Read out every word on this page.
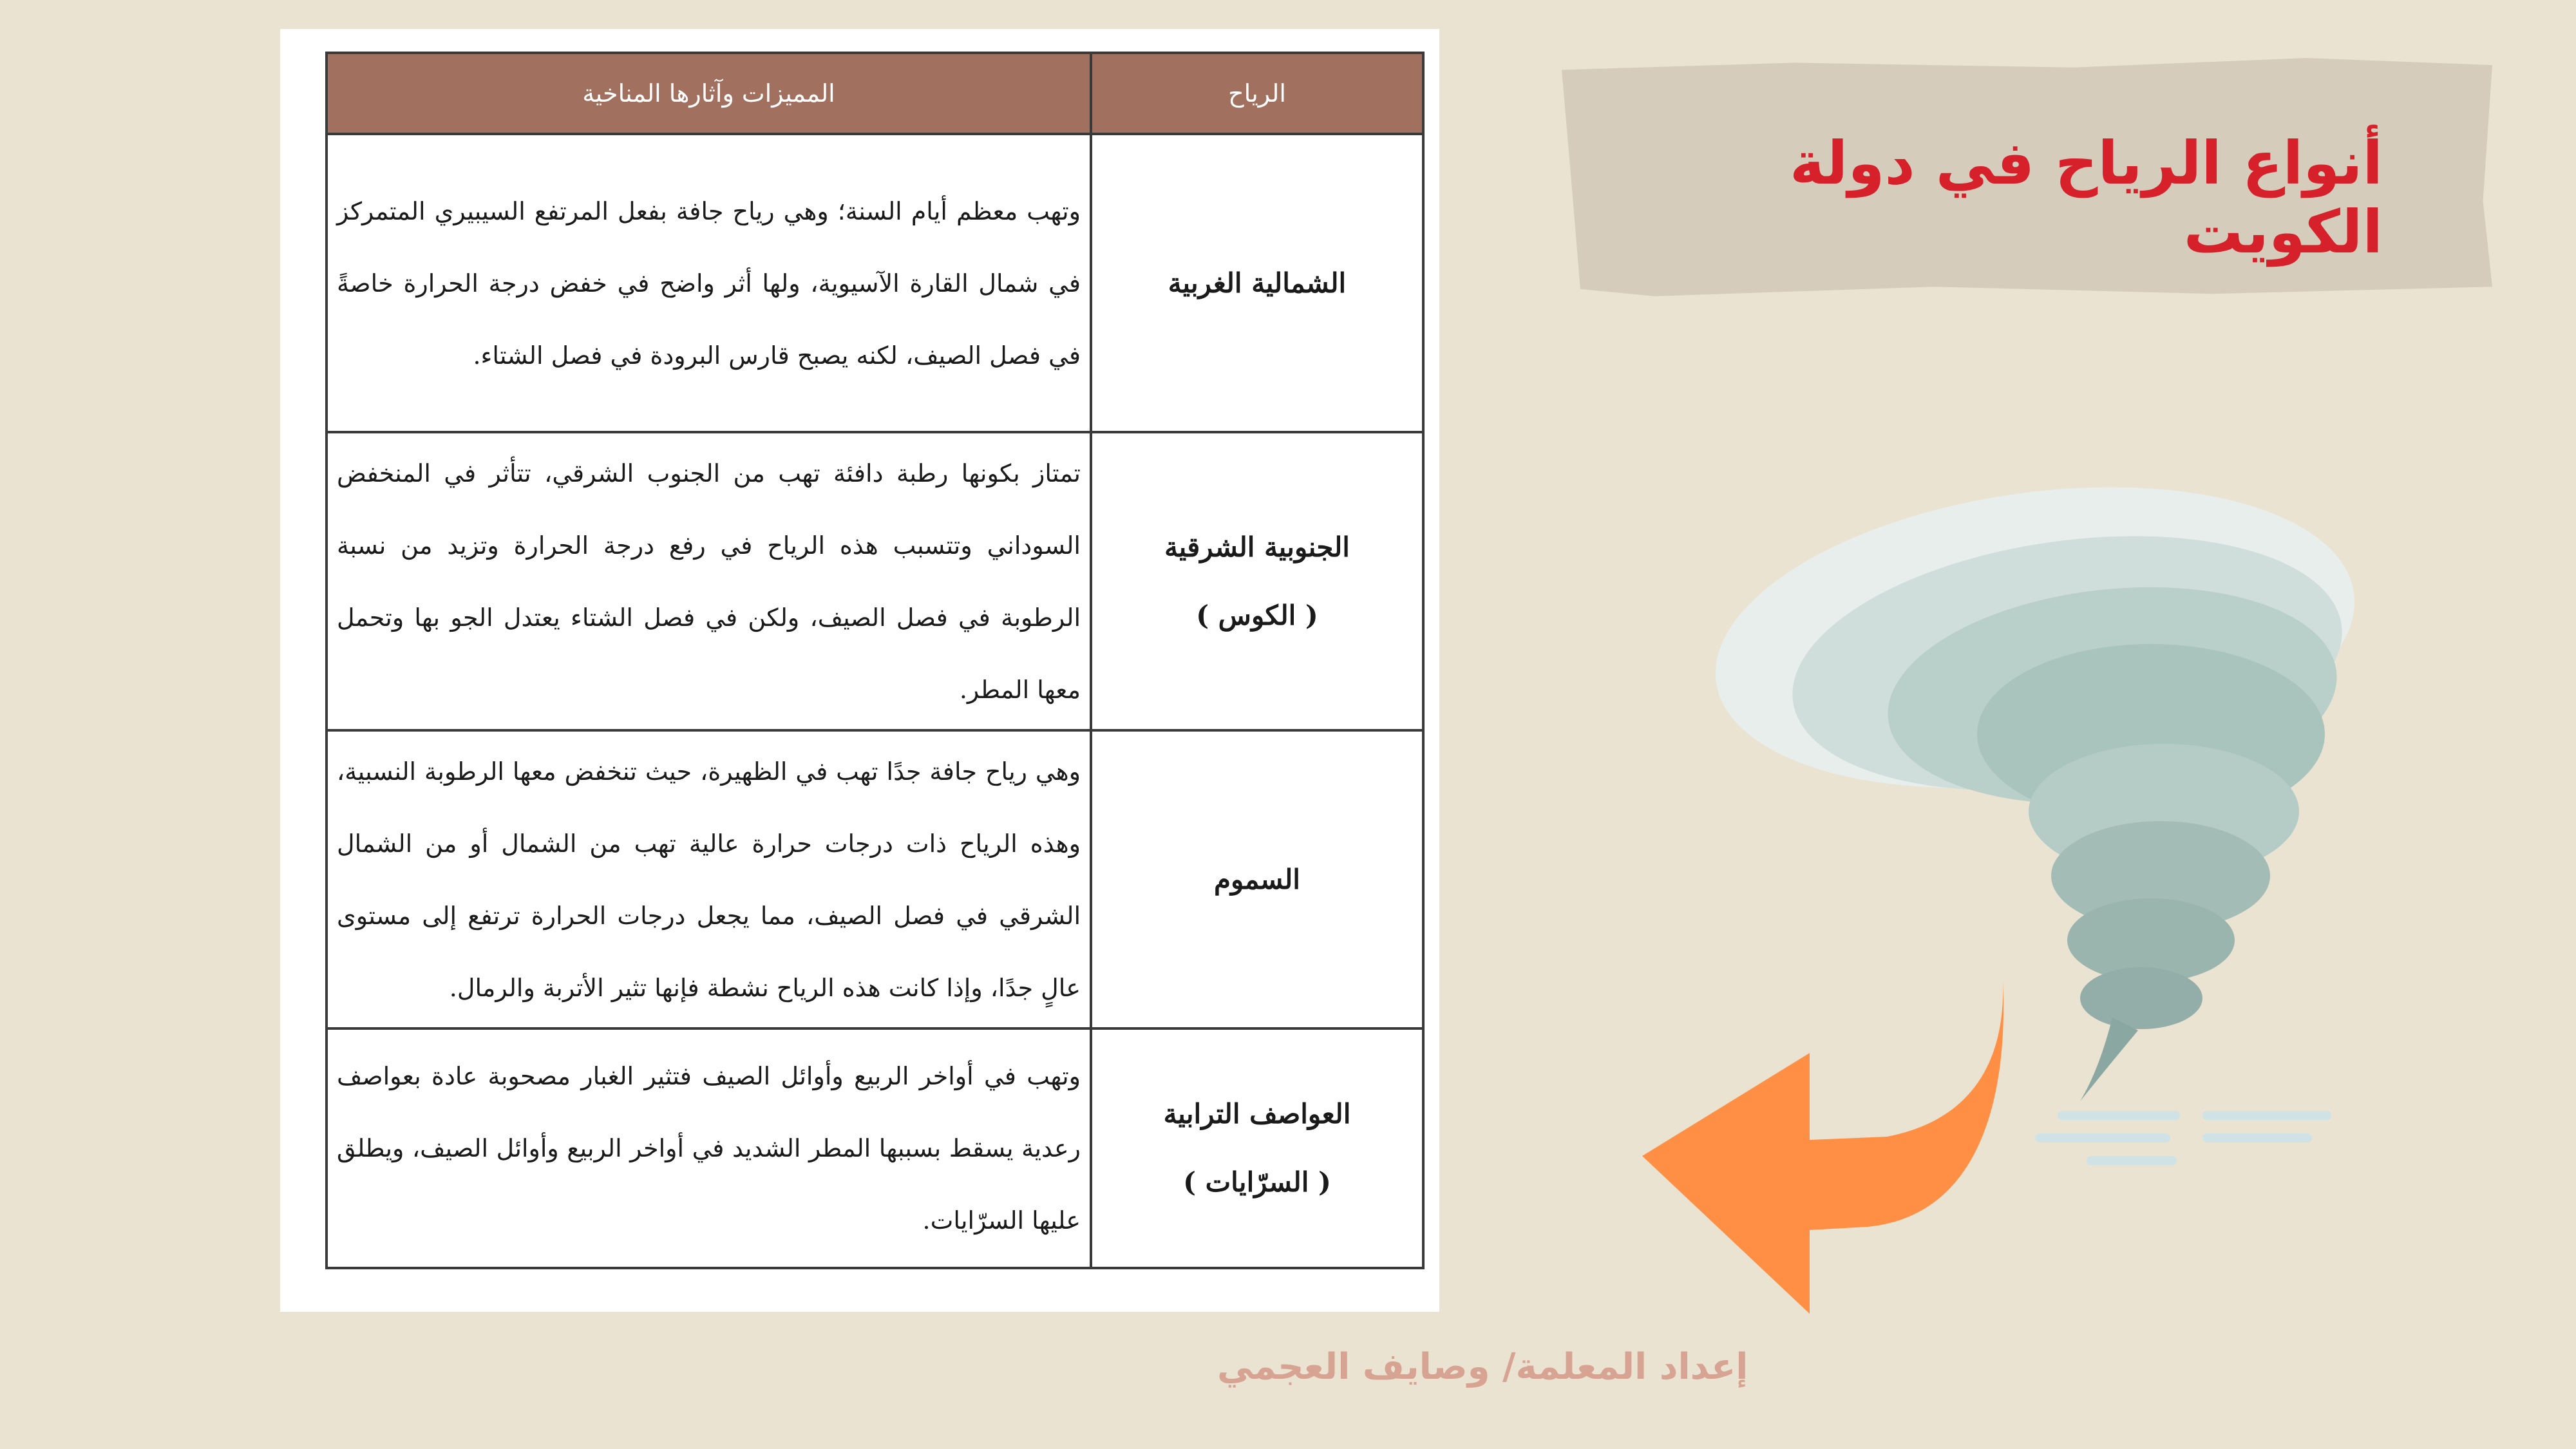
الرياح	المميزات وآثارها المناخية

الشمالية الغربية	وتهب معظم أيام السنة؛ وهي رياح جافة بفعل المرتفع السيبيري المتمركز في شمال القارة الآسيوية، ولها أثر واضح في خفض درجة الحرارة خاصةً في فصل الصيف، لكنه يصبح قارس البرودة في فصل الشتاء.

الجنوبية الشرقية
( الكوس )	تمتاز بكونها رطبة دافئة تهب من الجنوب الشرقي، تتأثر في المنخفض السوداني وتتسبب هذه الرياح في رفع درجة الحرارة وتزيد من نسبة الرطوبة في فصل الصيف، ولكن في فصل الشتاء يعتدل الجو بها وتحمل معها المطر.

السموم	وهي رياح جافة جدًا تهب في الظهيرة، حيث تنخفض معها الرطوبة النسبية، وهذه الرياح ذات درجات حرارة عالية تهب من الشمال أو من الشمال الشرقي في فصل الصيف، مما يجعل درجات الحرارة ترتفع إلى مستوى عالٍ جدًا، وإذا كانت هذه الرياح نشطة فإنها تثير الأتربة والرمال.

العواصف الترابية
( السرّايات )	وتهب في أواخر الربيع وأوائل الصيف فتثير الغبار مصحوبة عادة بعواصف رعدية يسقط بسببها المطر الشديد في أواخر الربيع وأوائل الصيف، ويطلق عليها السرّايات.
أنواع الرياح في دولة الكويت

إعداد المعلمة/ وصايف العجمي
